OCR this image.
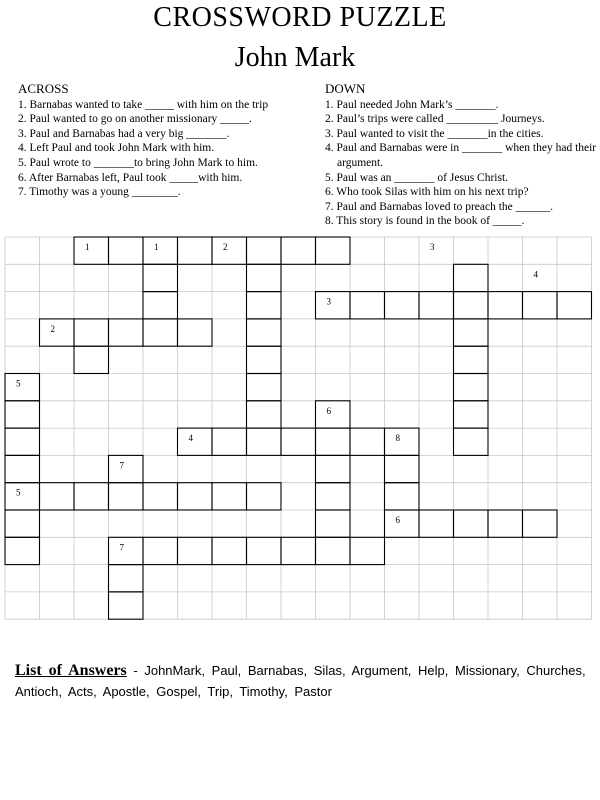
CROSSWORD PUZZLE
John Mark
ACROSS
1. Barnabas wanted to take _____ with him on the trip
2. Paul wanted to go on another missionary _____.
3. Paul and Barnabas had a very big _______.
4. Left Paul and took John Mark with him.
5. Paul wrote to _______to bring John Mark to him.
6. After Barnabas left, Paul took _____with him.
7. Timothy was a young ________.
DOWN
1. Paul needed John Mark’s _______.
2. Paul’s trips were called _________ Journeys.
3. Paul wanted to visit the _______in the cities.
4. Paul and Barnabas were in _______ when they had their argument.
5. Paul was an _______ of Jesus Christ.
6. Who took Silas with him on his next trip?
7. Paul and Barnabas loved to preach the ______.
8. This story is found in the book of _____.
1	1	2	3
4
3
2
5
6
4	8
7
5
6
7
List of Answers - JohnMark, Paul, Barnabas, Silas, Argument, Help, Missionary, Churches, Antioch, Acts, Apostle, Gospel, Trip, Timothy, Pastor
